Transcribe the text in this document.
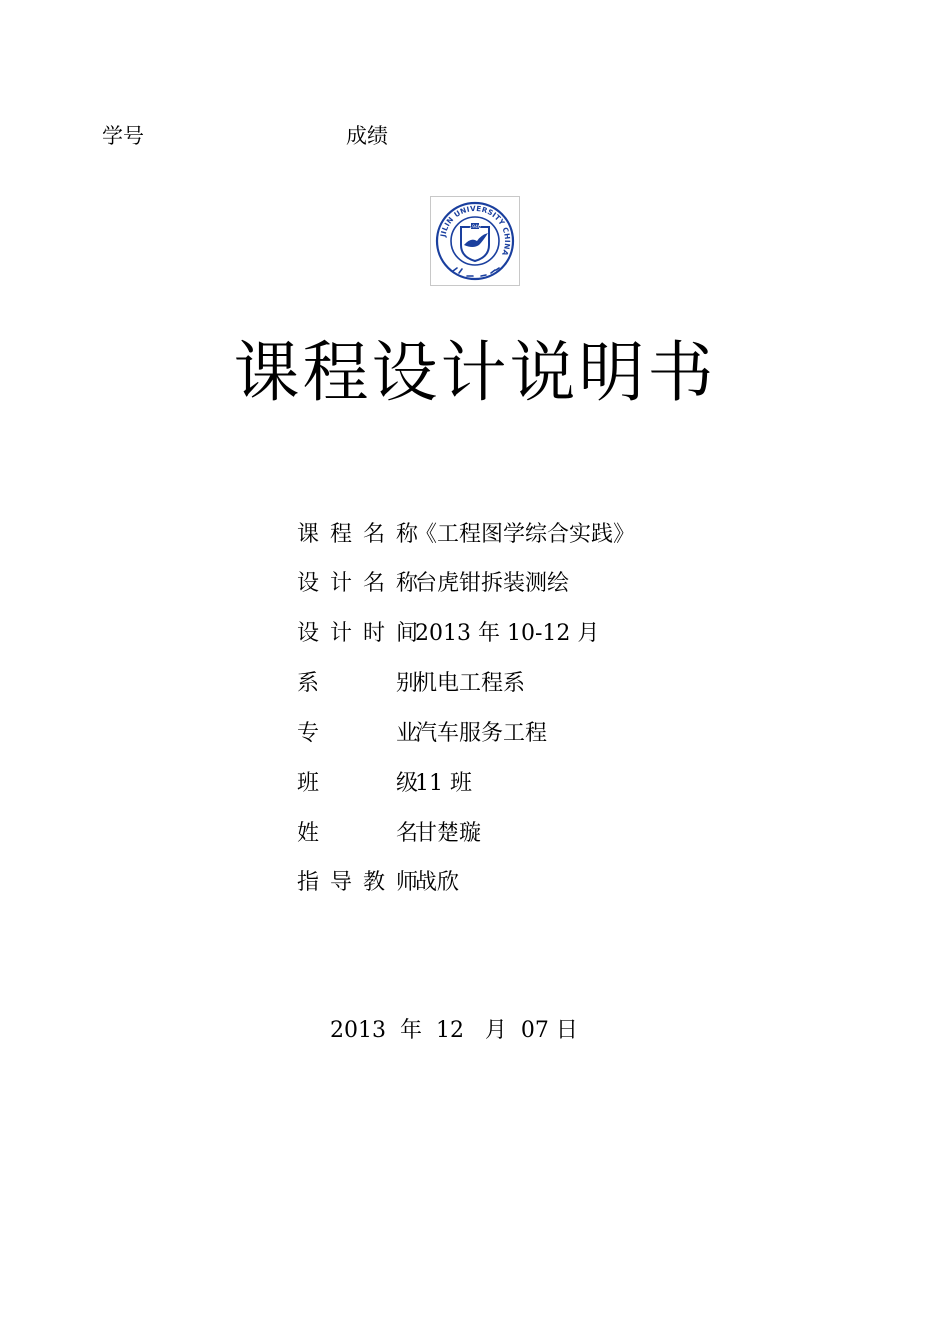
学号	成绩
JILIN UNIVERSITY CHINA
1946
课程设计说明书
课程名称
《工程图学综合实践》
设计名称
台虎钳拆装测绘
设计时间
2013 年 10-12 月
系别
机电工程系
专业
汽车服务工程
班级
11 班
姓名
甘楚璇
指导教师
战欣
2013  年  12   月  07 日
